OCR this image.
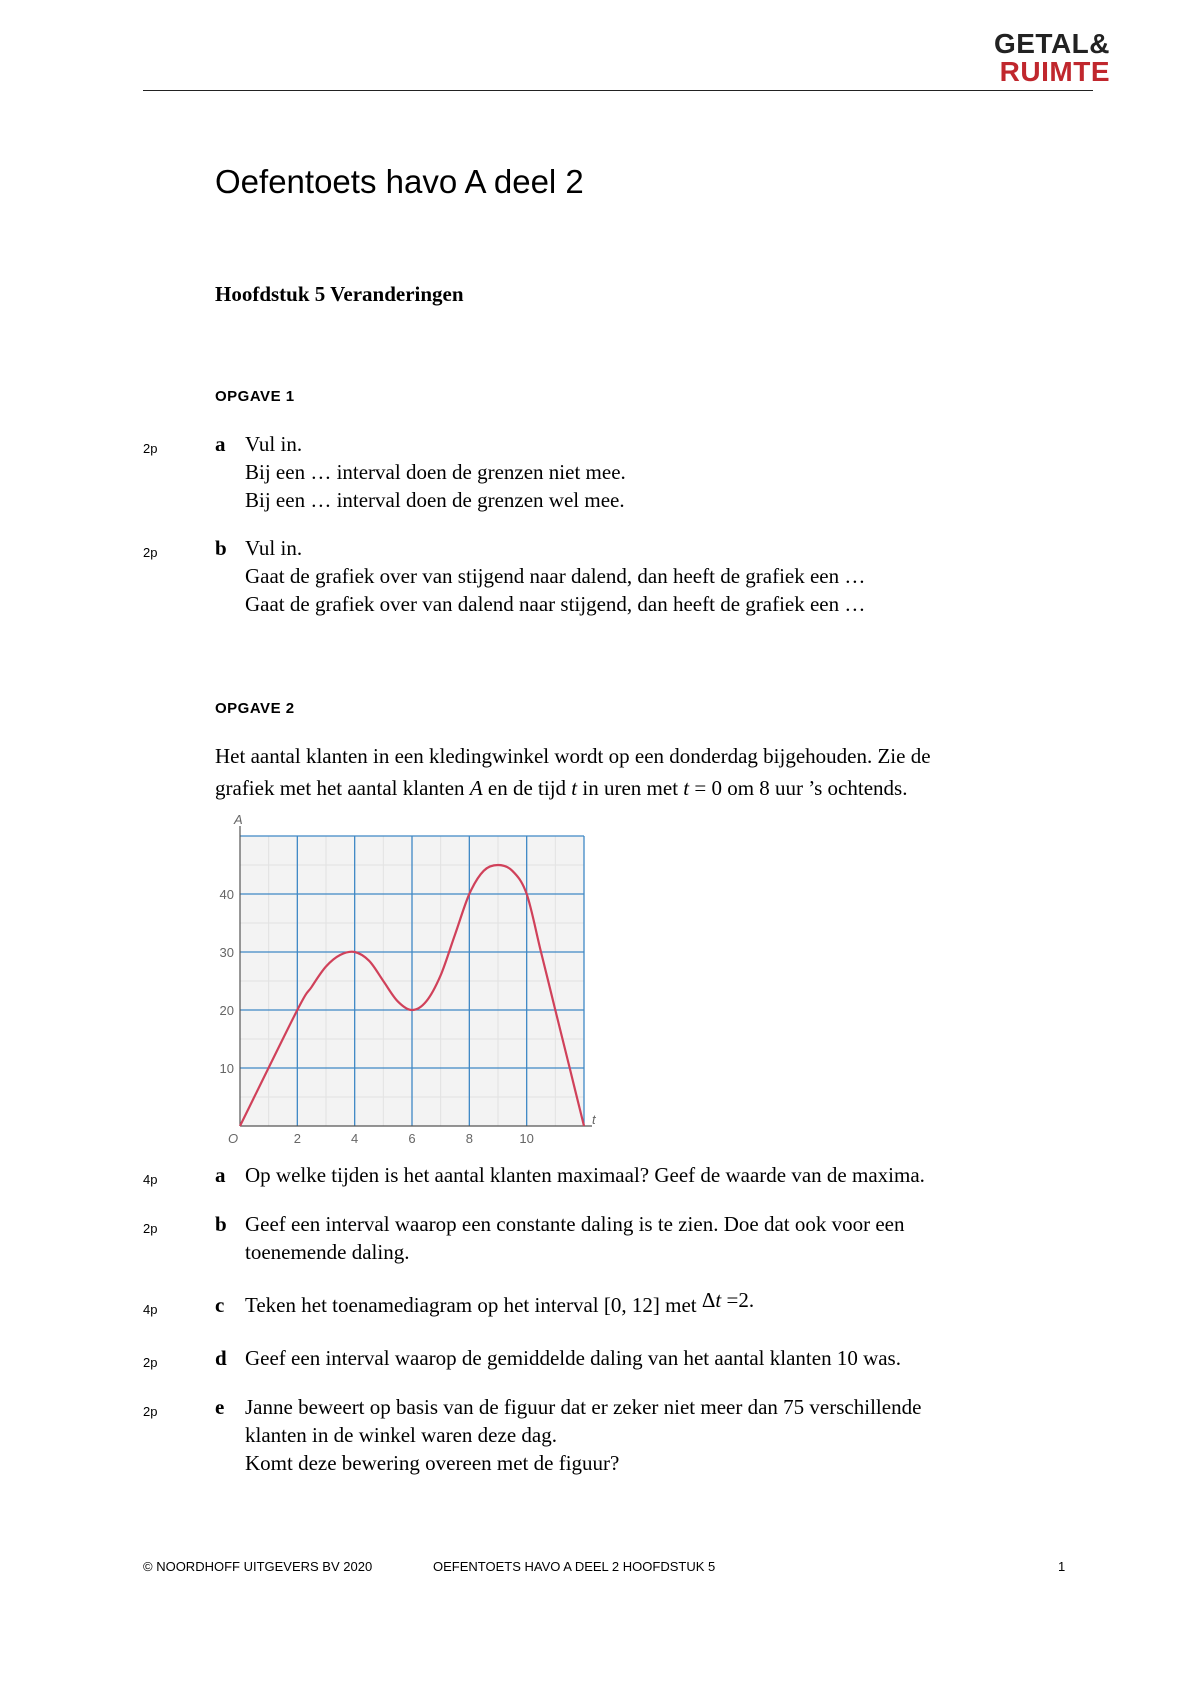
GETAL&
RUIMTE
Oefentoets havo A deel 2
Hoofdstuk 5 Veranderingen
OPGAVE 1
2p	a Vul in.
Bij een … interval doen de grenzen niet mee.
Bij een … interval doen de grenzen wel mee.
2p	b Vul in.
Gaat de grafiek over van stijgend naar dalend, dan heeft de grafiek een …
Gaat de grafiek over van dalend naar stijgend, dan heeft de grafiek een …
OPGAVE 2
Het aantal klanten in een kledingwinkel wordt op een donderdag bijgehouden. Zie de
grafiek met het aantal klanten A en de tijd t in uren met t = 0 om 8 uur ’s ochtends.
2	4	6	8	10
10
20
30
40
O
A
t
4p	a Op welke tijden is het aantal klanten maximaal? Geef de waarde van de maxima.
2p	b Geef een interval waarop een constante daling is te zien. Doe dat ook voor een
toenemende daling.
4p	c Teken het toenamediagram op het interval [0, 12] met Δt =2.
2p	d Geef een interval waarop de gemiddelde daling van het aantal klanten 10 was.
2p	e Janne beweert op basis van de figuur dat er zeker niet meer dan 75 verschillende
klanten in de winkel waren deze dag.
Komt deze bewering overeen met de figuur?
© NOORDHOFF UITGEVERS BV 2020	OEFENTOETS HAVO A DEEL 2 HOOFDSTUK 5	1
